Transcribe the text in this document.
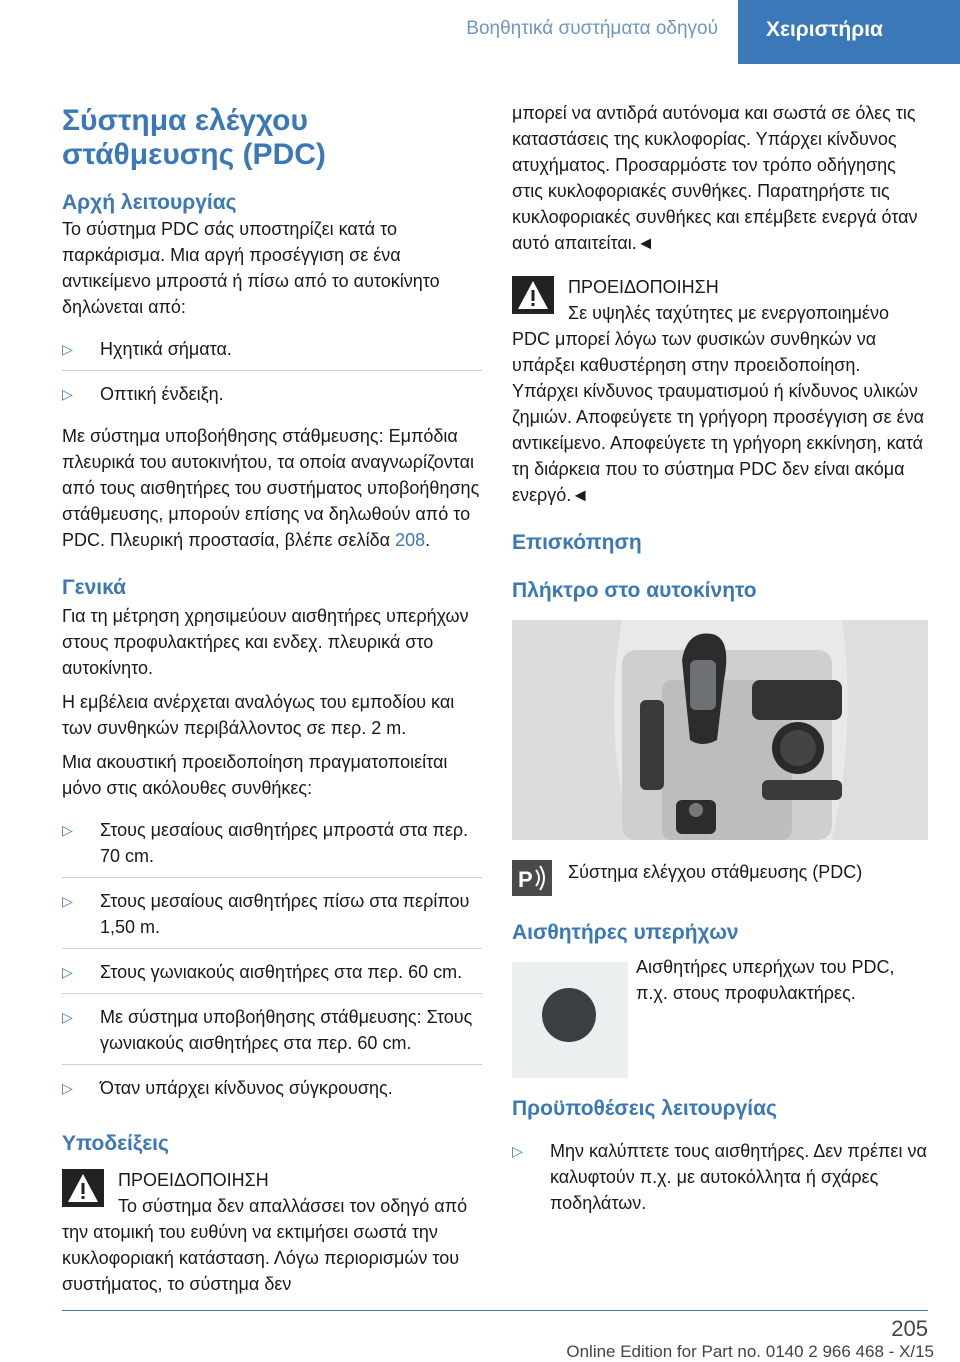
Βοηθητικά συστήματα οδηγού	Χειριστήρια
Σύστημα ελέγχου στάθμευσης (PDC)
Αρχή λειτουργίας
Το σύστημα PDC σάς υποστηρίζει κατά το παρκάρισμα. Μια αργή προσέγγιση σε ένα αντικείμενο μπροστά ή πίσω από το αυτοκίνητο δηλώνεται από:
▷ Ηχητικά σήματα.
▷ Οπτική ένδειξη.
Με σύστημα υποβοήθησης στάθμευσης: Εμπόδια πλευρικά του αυτοκινήτου, τα οποία αναγνωρίζονται από τους αισθητήρες του συστήματος υποβοήθησης στάθμευσης, μπορούν επίσης να δηλωθούν από το PDC. Πλευρική προστασία, βλέπε σελίδα 208.
Γενικά
Για τη μέτρηση χρησιμεύουν αισθητήρες υπερήχων στους προφυλακτήρες και ενδεχ. πλευρικά στο αυτοκίνητο.
Η εμβέλεια ανέρχεται αναλόγως του εμποδίου και των συνθηκών περιβάλλοντος σε περ. 2 m.
Μια ακουστική προειδοποίηση πραγματοποιείται μόνο στις ακόλουθες συνθήκες:
▷ Στους μεσαίους αισθητήρες μπροστά στα περ. 70 cm.
▷ Στους μεσαίους αισθητήρες πίσω στα περίπου 1,50 m.
▷ Στους γωνιακούς αισθητήρες στα περ. 60 cm.
▷ Με σύστημα υποβοήθησης στάθμευσης: Στους γωνιακούς αισθητήρες στα περ. 60 cm.
▷ Όταν υπάρχει κίνδυνος σύγκρουσης.
Υποδείξεις
ΠΡΟΕΙΔΟΠΟΙΗΣΗ
Το σύστημα δεν απαλλάσσει τον οδηγό από την ατομική του ευθύνη να εκτιμήσει σωστά την κυκλοφοριακή κατάσταση. Λόγω περιορισμών του συστήματος, το σύστημα δεν
μπορεί να αντιδρά αυτόνομα και σωστά σε όλες τις καταστάσεις της κυκλοφορίας. Υπάρχει κίνδυνος ατυχήματος. Προσαρμόστε τον τρόπο οδήγησης στις κυκλοφοριακές συνθήκες. Παρατηρήστε τις κυκλοφοριακές συνθήκες και επέμβετε ενεργά όταν αυτό απαιτείται.◄
ΠΡΟΕΙΔΟΠΟΙΗΣΗ
Σε υψηλές ταχύτητες με ενεργοποιημένο PDC μπορεί λόγω των φυσικών συνθηκών να υπάρξει καθυστέρηση στην προειδοποίηση. Υπάρχει κίνδυνος τραυματισμού ή κίνδυνος υλικών ζημιών. Αποφεύγετε τη γρήγορη προσέγγιση σε ένα αντικείμενο. Αποφεύγετε τη γρήγορη εκκίνηση, κατά τη διάρκεια που το σύστημα PDC δεν είναι ακόμα ενεργό.◄
Επισκόπηση
Πλήκτρο στο αυτοκίνητο
P Σύστημα ελέγχου στάθμευσης (PDC)
Αισθητήρες υπερήχων
Αισθητήρες υπερήχων του PDC, π.χ. στους προφυλακτήρες.
Προϋποθέσεις λειτουργίας
▷ Μην καλύπτετε τους αισθητήρες. Δεν πρέπει να καλυφτούν π.χ. με αυτοκόλλητα ή σχάρες ποδηλάτων.
205
Online Edition for Part no. 0140 2 966 468 - X/15
